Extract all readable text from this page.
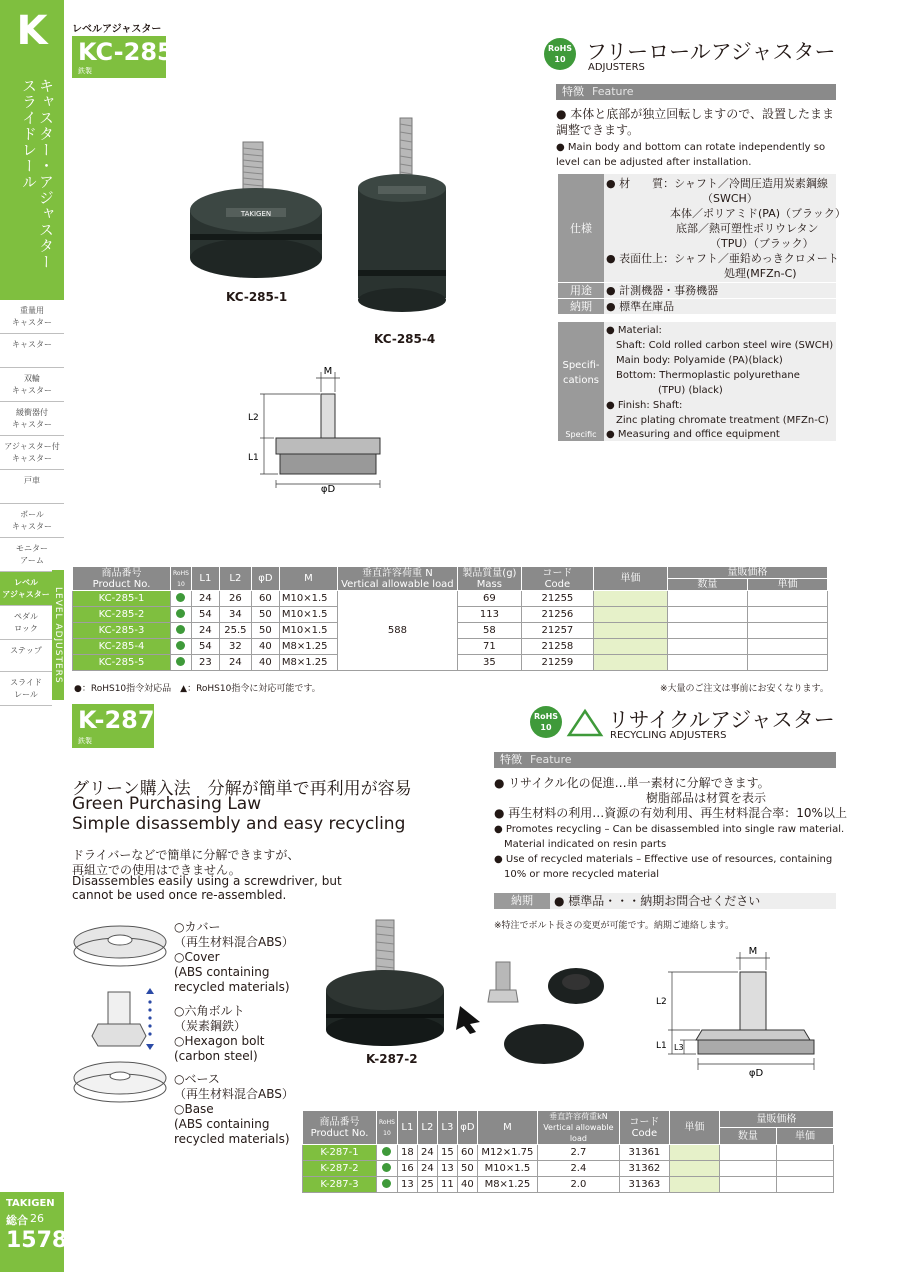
K
キャスター・アジャスター スライドレール
重量用
キャスター
キャスター
双輪
キャスター
緩衝器付
キャスター
アジャスター付
キャスター
戸車
ボール
キャスター
モニター
アーム
レベル
アジャスター
ペダル
ロック
ステップ
スライド
レール
LEVEL ADJUSTERS
TAKIGEN
総合 26
1578
レベルアジャスター
KC-285
鉄製
RoHS
10 フリーロールアジャスター
ADJUSTERS
特徴 Feature
● 本体と底部が独立回転しますので、設置したまま調整できます。
● Main body and bottom can rotate independently so level can be adjusted after installation.
仕様
● 材　　質：シャフト／冷間圧造用炭素鋼線
（SWCH）
本体／ポリアミド(PA)（ブラック）
底部／熱可塑性ポリウレタン
（TPU）（ブラック）
● 表面仕上：シャフト／亜鉛めっきクロメート
処理(MFZn-C)
用途	● 計測機器・事務機器
納期	● 標準在庫品
Specifi-
cations
● Material:
Shaft: Cold rolled carbon steel wire (SWCH)
Main body: Polyamide (PA)(black)
Bottom: Thermoplastic polyurethane
(TPU) (black)
● Finish: Shaft:
Zinc plating chromate treatment (MFZn-C)
Specific use
● Measuring and office equipment
TAKIGEN
KC-285-1
KC-285-4
M
L2
L1
φD
商品番号
Product No.	RoHS
10	L1	L2	φD	M	垂直許容荷重 N
Vertical allowable load	製品質量(g)
Mass	コード
Code	単価	量販価格	
										数量	単価
KC-285-1		24	26	60	M10×1.5	588	69	21255			
KC-285-2		54	34	50	M10×1.5		113	21256			
KC-285-3		24	25.5	50	M10×1.5		58	21257			
KC-285-4		54	32	40	M8×1.25		71	21258			
KC-285-5		23	24	40	M8×1.25		35	21259			
●：RoHS10指令対応品　▲：RoHS10指令に対応可能です。	※大量のご注文は事前にお安くなります。
K-287
鉄製
RoHS
10	リサイクルアジャスター
RECYCLING ADJUSTERS
特徴 Feature
● リサイクル化の促進…単一素材に分解できます。
樹脂部品は材質を表示
● 再生材料の利用…資源の有効利用、再生材料混合率：10%以上
● Promotes recycling – Can be disassembled into single raw material.
Material indicated on resin parts
● Use of recycled materials – Effective use of resources, containing
10% or more recycled material
納期	● 標準品・・・納期お問合せください
※特注でボルト長さの変更が可能です。納期ご連絡します。
グリーン購入法　分解が簡単で再利用が容易
Green Purchasing Law
Simple disassembly and easy recycling
ドライバーなどで簡単に分解できますが、
再組立での使用はできません。
Disassembles easily using a screwdriver, but
cannot be used once re-assembled.
○カバー
（再生材料混合ABS）
○Cover
(ABS containing
recycled materials)
○六角ボルト
（炭素鋼鉄）
○Hexagon bolt
(carbon steel)
○ベース
（再生材料混合ABS）
○Base
(ABS containing
recycled materials)
K-287-2
M
L2
L1 L3
φD
商品番号
Product No.	RoHS
10	L1	L2	L3	φD	M	垂直許容荷重kN
Vertical allowable load	コード
Code	単価	量販価格	
										数量	単価
K-287-1		18	24	15	60	M12×1.75	2.7	31361			
K-287-2		16	24	13	50	M10×1.5	2.4	31362			
K-287-3		13	25	11	40	M8×1.25	2.0	31363			
